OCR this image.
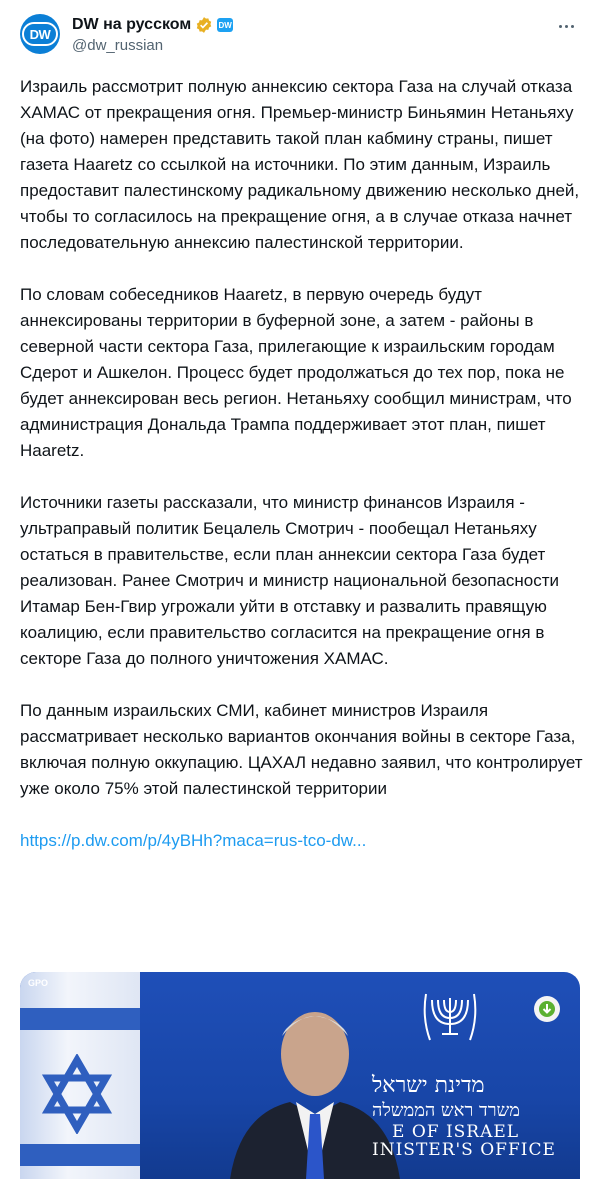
DW
DW на русском	DW
@dw_russian

Израиль рассмотрит полную аннексию сектора Газа на случай отказа ХАМАС от прекращения огня. Премьер-министр Биньямин Нетаньяху (на фото) намерен представить такой план кабмину страны, пишет газета Haaretz со ссылкой на источники. По этим данным, Израиль предоставит палестинскому радикальному движению несколько дней, чтобы то согласилось на прекращение огня, а в случае отказа начнет последовательную аннексию палестинской территории.

По словам собеседников Haaretz, в первую очередь будут аннексированы территории в буферной зоне, а затем - районы в северной части сектора Газа, прилегающие к израильским городам Сдерот и Ашкелон. Процесс будет продолжаться до тех пор, пока не будет аннексирован весь регион. Нетаньяху сообщил министрам, что администрация Дональда Трампа поддерживает этот план, пишет Haaretz.

Источники газеты рассказали, что министр финансов Израиля - ультраправый политик Бецалель Смотрич - пообещал Нетаньяху остаться в правительстве, если план аннексии сектора Газа будет реализован. Ранее Смотрич и министр национальной безопасности Итамар Бен-Гвир угрожали уйти в отставку и развалить правящую коалицию, если правительство согласится на прекращение огня в секторе Газа до полного уничтожения ХАМАС.

По данным израильских СМИ, кабинет министров Израиля рассматривает несколько вариантов окончания войны в секторе Газа, включая полную оккупацию. ЦАХАЛ недавно заявил, что контролирует уже около 75% этой палестинской территории

https://p.dw.com/p/4yBHh?maca=rus-tco-dw...
GPO
מדינת ישראל
משרד ראש הממשלה
E OF ISRAEL
INISTER'S OFFICE
